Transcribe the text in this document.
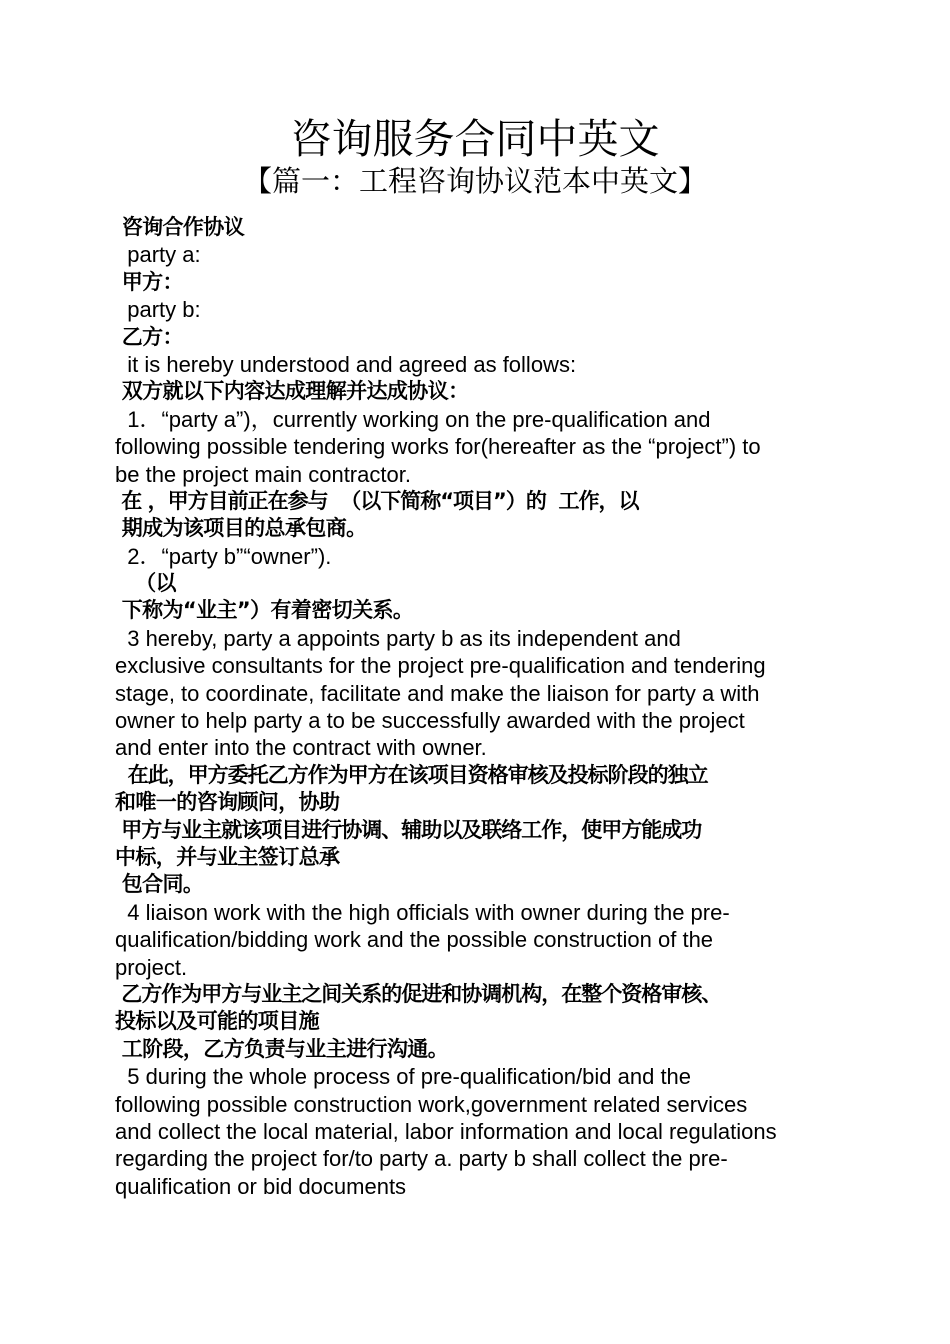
咨询服务合同中英文
【篇一：工程咨询协议范本中英文】
咨询合作协议
party a:
甲方：
party b:
乙方：
it is hereby understood and agreed as follows:
双方就以下内容达成理解并达成协议：
1．“party a”)，currently working on the pre-qualification and
following possible tendering works for(hereafter as the “project”) to
be the project main contractor.
在 ，甲方目前正在参与  （以下简称“项目”）的  工作，以
期成为该项目的总承包商。
2．“party b”“owner”).
（以
下称为“业主”）有着密切关系。
3 hereby, party a appoints party b as its independent and
exclusive consultants for the project pre-qualification and tendering
stage, to coordinate, facilitate and make the liaison for party a with
owner to help party a to be successfully awarded with the project
and enter into the contract with owner.
在此，甲方委托乙方作为甲方在该项目资格审核及投标阶段的独立
和唯一的咨询顾问，协助
甲方与业主就该项目进行协调、辅助以及联络工作，使甲方能成功
中标，并与业主签订总承
包合同。
4 liaison work with the high officials with owner during the pre-
qualification/bidding work and the possible construction of the
project.
乙方作为甲方与业主之间关系的促进和协调机构，在整个资格审核、
投标以及可能的项目施
工阶段，乙方负责与业主进行沟通。
5 during the whole process of pre-qualification/bid and the
following possible construction work,government related services
and collect the local material, labor information and local regulations
regarding the project for/to party a. party b shall collect the pre-
qualification or bid documents
